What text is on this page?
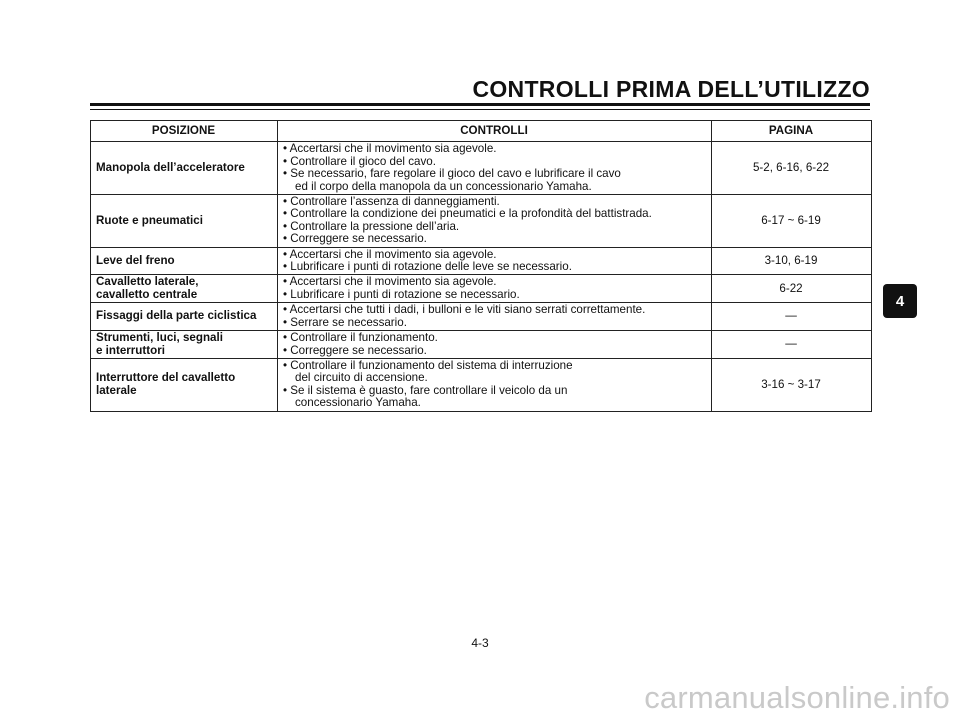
CONTROLLI PRIMA DELL’UTILIZZO
POSIZIONE	CONTROLLI	PAGINA

Manopola dell’acceleratore	• Accertarsi che il movimento sia agevole.
• Controllare il gioco del cavo.
• Se necessario, fare regolare il gioco del cavo e lubrificare il cavo
ed il corpo della manopola da un concessionario Yamaha.	5-2, 6-16, 6-22

Ruote e pneumatici	• Controllare l’assenza di danneggiamenti.
• Controllare la condizione dei pneumatici e la profondità del battistrada.
• Controllare la pressione dell’aria.
• Correggere se necessario.	6-17 ~ 6-19

Leve del freno	• Accertarsi che il movimento sia agevole.
• Lubrificare i punti di rotazione delle leve se necessario.	3-10, 6-19

Cavalletto laterale,
cavalletto centrale	• Accertarsi che il movimento sia agevole.
• Lubrificare i punti di rotazione se necessario.	6-22

Fissaggi della parte ciclistica	• Accertarsi che tutti i dadi, i bulloni e le viti siano serrati correttamente.
• Serrare se necessario.	—

Strumenti, luci, segnali
e interruttori	• Controllare il funzionamento.
• Correggere se necessario.	—

Interruttore del cavalletto
laterale	• Controllare il funzionamento del sistema di interruzione
del circuito di accensione.
• Se il sistema è guasto, fare controllare il veicolo da un
concessionario Yamaha.	3-16 ~ 3-17
4
4-3
carmanualsonline.info
